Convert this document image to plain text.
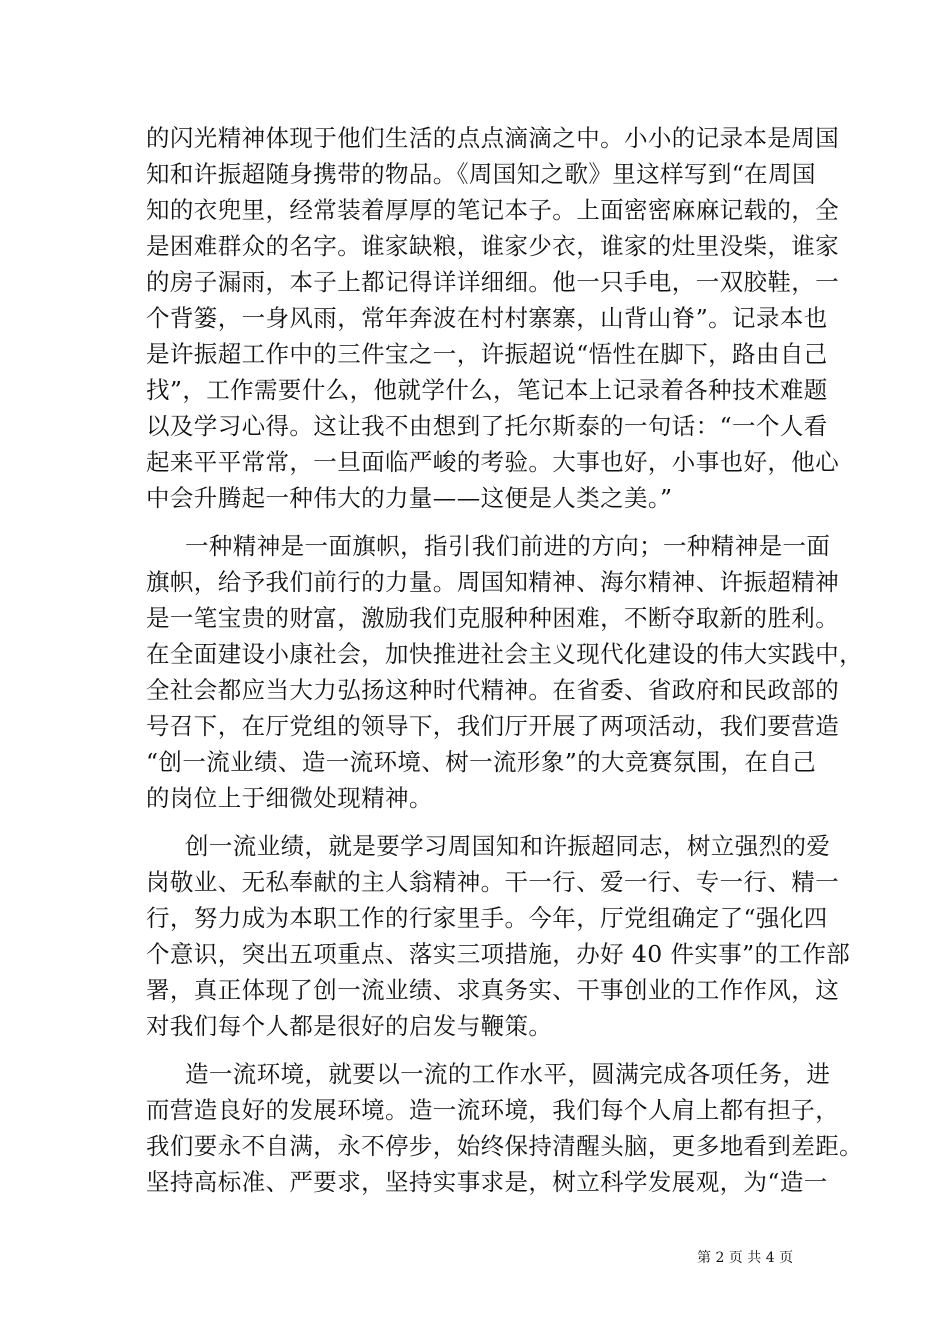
的闪光精神体现于他们生活的点点滴滴之中。小小的记录本是周国
知和许振超随身携带的物品。《周国知之歌》里这样写到“在周国
知的衣兜里，经常装着厚厚的笔记本子。上面密密麻麻记载的，全
是困难群众的名字。谁家缺粮，谁家少衣，谁家的灶里没柴，谁家
的房子漏雨，本子上都记得详详细细。他一只手电，一双胶鞋，一
个背篓，一身风雨，常年奔波在村村寨寨，山背山脊”。记录本也
是许振超工作中的三件宝之一，许振超说“悟性在脚下，路由自己
找”，工作需要什么，他就学什么，笔记本上记录着各种技术难题
以及学习心得。这让我不由想到了托尔斯泰的一句话：“一个人看
起来平平常常，一旦面临严峻的考验。大事也好，小事也好，他心
中会升腾起一种伟大的力量——这便是人类之美。”
一种精神是一面旗帜，指引我们前进的方向；一种精神是一面
旗帜，给予我们前行的力量。周国知精神、海尔精神、许振超精神
是一笔宝贵的财富，激励我们克服种种困难，不断夺取新的胜利。
在全面建设小康社会，加快推进社会主义现代化建设的伟大实践中，
全社会都应当大力弘扬这种时代精神。在省委、省政府和民政部的
号召下，在厅党组的领导下，我们厅开展了两项活动，我们要营造
“创一流业绩、造一流环境、树一流形象”的大竞赛氛围，在自己
的岗位上于细微处现精神。
创一流业绩，就是要学习周国知和许振超同志，树立强烈的爱
岗敬业、无私奉献的主人翁精神。干一行、爱一行、专一行、精一
行，努力成为本职工作的行家里手。今年，厅党组确定了“强化四
个意识，突出五项重点、落实三项措施，办好 40 件实事”的工作部
署，真正体现了创一流业绩、求真务实、干事创业的工作作风，这
对我们每个人都是很好的启发与鞭策。
造一流环境，就要以一流的工作水平，圆满完成各项任务，进
而营造良好的发展环境。造一流环境，我们每个人肩上都有担子，
我们要永不自满，永不停步，始终保持清醒头脑，更多地看到差距。
坚持高标准、严要求，坚持实事求是，树立科学发展观，为“造一
第 2 页 共 4 页
